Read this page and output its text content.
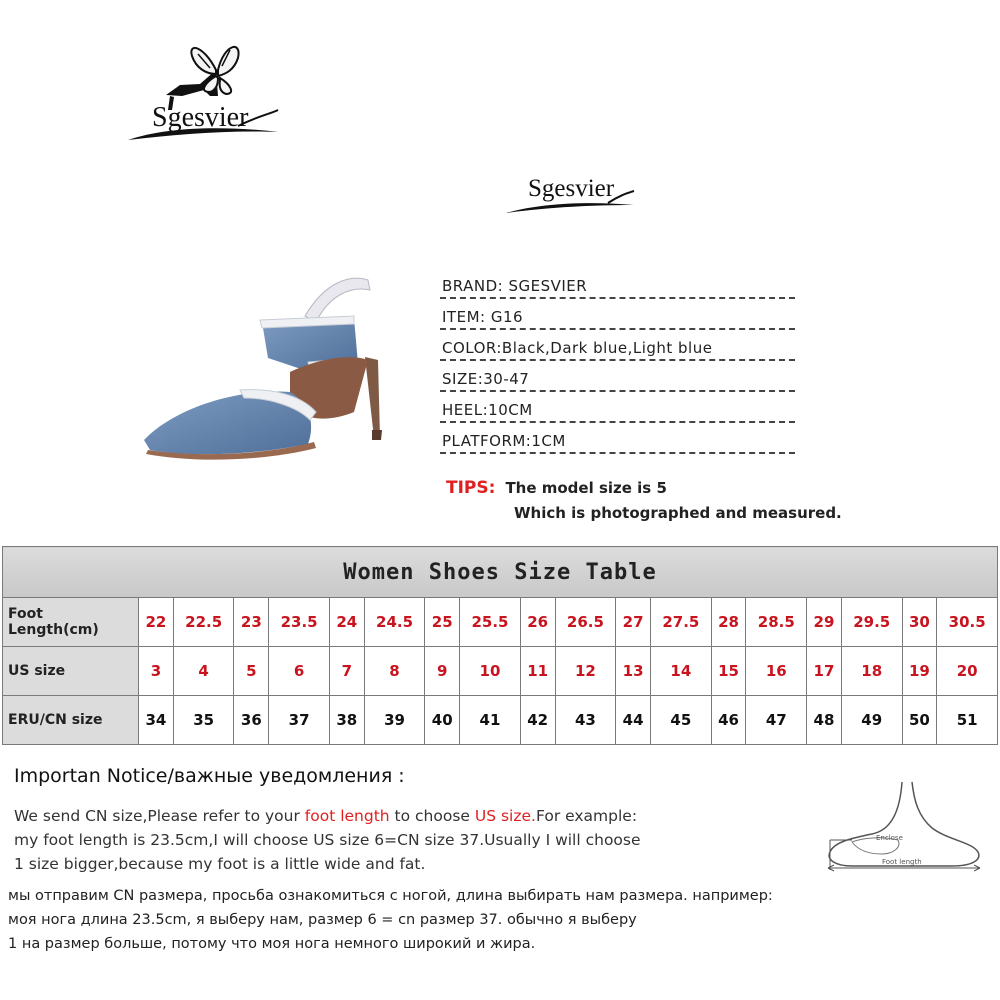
Sgesvier
Sgesvier
BRAND: SGESVIER
ITEM: G16
COLOR:Black,Dark blue,Light blue
SIZE:30-47
HEEL:10CM
PLATFORM:1CM
TIPS: The model size is 5
Which is photographed and measured.
Women Shoes Size Table																		
Foot Length(cm)	22	22.5	23	23.5	24	24.5	25	25.5	26	26.5	27	27.5	28	28.5	29	29.5	30	30.5
US size	3	4	5	6	7	8	9	10	11	12	13	14	15	16	17	18	19	20
ERU/CN size	34	35	36	37	38	39	40	41	42	43	44	45	46	47	48	49	50	51
Importan Notice/важные уведомления :
We send CN size,Please refer to your foot length to choose US size.For example:
my foot length is 23.5cm,I will choose US size 6=CN size 37.Usually I will choose
1 size bigger,because my foot is a little wide and fat.
мы отправим CN размера, просьба ознакомиться с ногой, длина выбирать нам размера. например:
моя нога длина 23.5cm, я выберу нам, размер 6 = cn размер 37. обычно я выберу
1 на размер больше, потому что моя нога немного широкий и жира.
Enclose
Foot length
